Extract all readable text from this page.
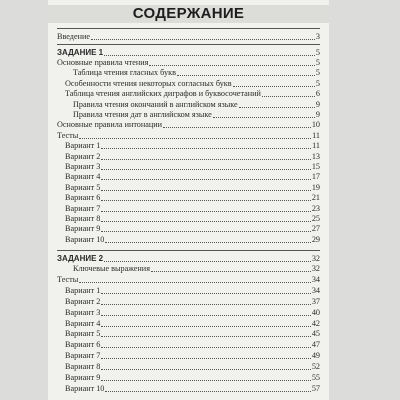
СОДЕРЖАНИЕ
Введение	3
ЗАДАНИЕ 1	5
Основные правила чтения	5
Таблица чтения гласных букв	5
Особенности чтения некоторых согласных букв	5
Таблица чтения английских диграфов и буквосочетаний	6
Правила чтения окончаний в английском языке	9
Правила чтения дат в английском языке	9
Основные правила интонации	10
Тесты	11
Вариант 1	11
Вариант 2	13
Вариант 3	15
Вариант 4	17
Вариант 5	19
Вариант 6	21
Вариант 7	23
Вариант 8	25
Вариант 9	27
Вариант 10	29
ЗАДАНИЕ 2	32
Ключевые выражения	32
Тесты	34
Вариант 1	34
Вариант 2	37
Вариант 3	40
Вариант 4	42
Вариант 5	45
Вариант 6	47
Вариант 7	49
Вариант 8	52
Вариант 9	55
Вариант 10	57
